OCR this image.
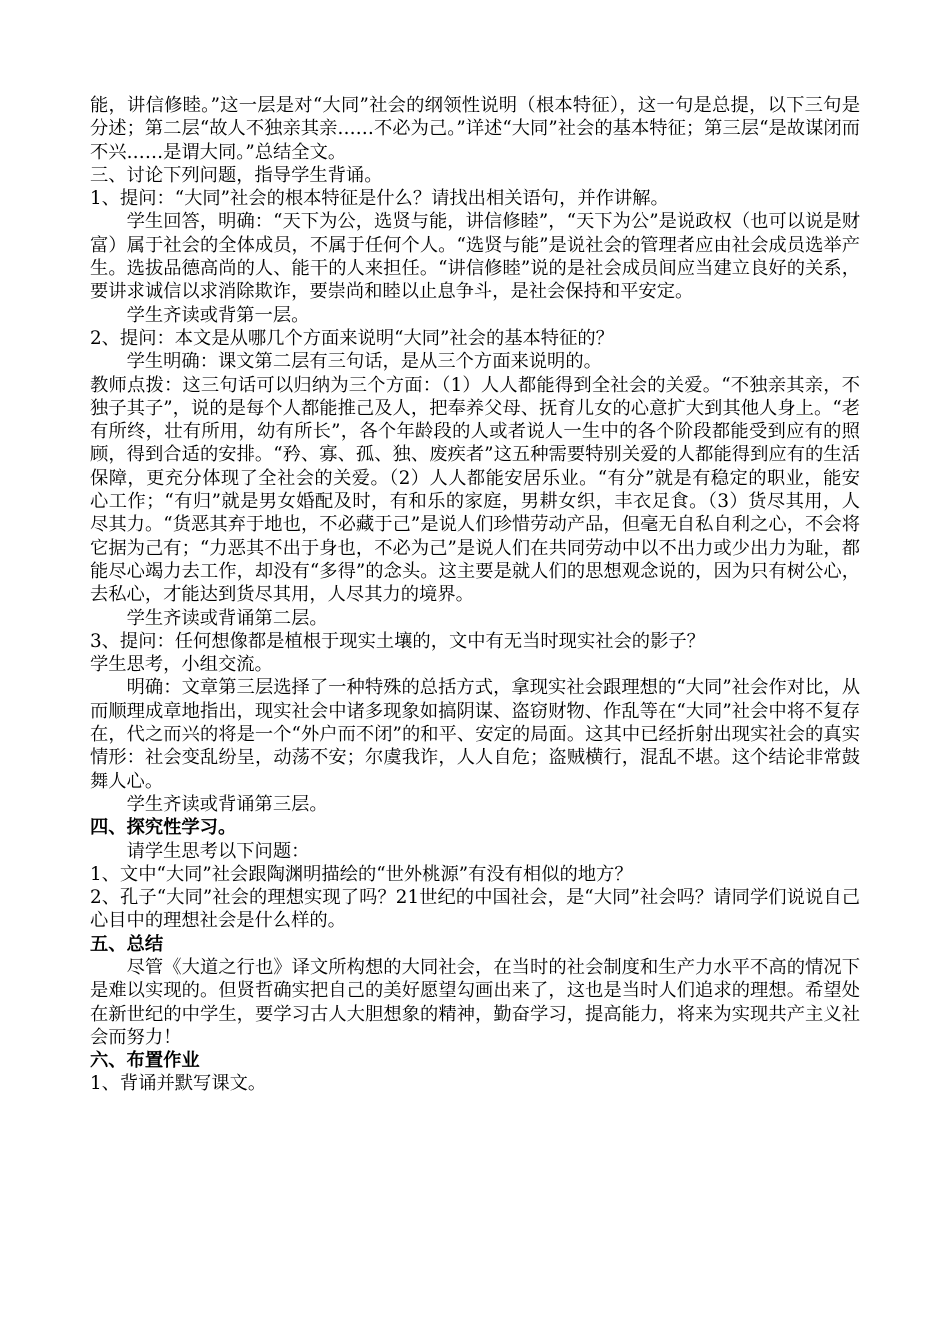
能，讲信修睦。”这一层是对“大同”社会的纲领性说明（根本特征），这一句是总提，以下三句是分述；第二层“故人不独亲其亲……不必为己。”详述“大同”社会的基本特征；第三层“是故谋闭而不兴……是谓大同。”总结全文。

三、讨论下列问题，指导学生背诵。

1、提问：“大同”社会的根本特征是什么？请找出相关语句，并作讲解。

学生回答，明确：“天下为公，选贤与能，讲信修睦”，“天下为公”是说政权（也可以说是财富）属于社会的全体成员，不属于任何个人。“选贤与能”是说社会的管理者应由社会成员选举产生。选拔品德高尚的人、能干的人来担任。“讲信修睦”说的是社会成员间应当建立良好的关系，要讲求诚信以求消除欺诈，要崇尚和睦以止息争斗，是社会保持和平安定。

学生齐读或背第一层。

2、提问：本文是从哪几个方面来说明“大同”社会的基本特征的？

学生明确：课文第二层有三句话，是从三个方面来说明的。

教师点拨：这三句话可以归纳为三个方面：（1）人人都能得到全社会的关爱。“不独亲其亲，不独子其子”，说的是每个人都能推己及人，把奉养父母、抚育儿女的心意扩大到其他人身上。“老有所终，壮有所用，幼有所长”，各个年龄段的人或者说人一生中的各个阶段都能受到应有的照顾，得到合适的安排。“矜、寡、孤、独、废疾者”这五种需要特别关爱的人都能得到应有的生活保障，更充分体现了全社会的关爱。（2）人人都能安居乐业。“有分”就是有稳定的职业，能安心工作；“有归”就是男女婚配及时，有和乐的家庭，男耕女织，丰衣足食。（3）货尽其用，人尽其力。“货恶其弃于地也，不必藏于己”是说人们珍惜劳动产品，但毫无自私自利之心，不会将它据为己有；“力恶其不出于身也，不必为己”是说人们在共同劳动中以不出力或少出力为耻，都能尽心竭力去工作，却没有“多得”的念头。这主要是就人们的思想观念说的，因为只有树公心，去私心，才能达到货尽其用，人尽其力的境界。

学生齐读或背诵第二层。

3、提问：任何想像都是植根于现实土壤的，文中有无当时现实社会的影子？

学生思考，小组交流。

明确：文章第三层选择了一种特殊的总括方式，拿现实社会跟理想的“大同”社会作对比，从而顺理成章地指出，现实社会中诸多现象如搞阴谋、盗窃财物、作乱等在“大同”社会中将不复存在，代之而兴的将是一个“外户而不闭”的和平、安定的局面。这其中已经折射出现实社会的真实情形：社会变乱纷呈，动荡不安；尔虞我诈，人人自危；盗贼横行，混乱不堪。这个结论非常鼓舞人心。

学生齐读或背诵第三层。

四、探究性学习。

请学生思考以下问题：

1、文中“大同”社会跟陶渊明描绘的“世外桃源”有没有相似的地方？

2、孔子“大同”社会的理想实现了吗？21世纪的中国社会，是“大同”社会吗？请同学们说说自己心目中的理想社会是什么样的。

五、总结

尽管《大道之行也》译文所构想的大同社会，在当时的社会制度和生产力水平不高的情况下是难以实现的。但贤哲确实把自己的美好愿望勾画出来了，这也是当时人们追求的理想。希望处在新世纪的中学生，要学习古人大胆想象的精神，勤奋学习，提高能力，将来为实现共产主义社会而努力！

六、布置作业

1、背诵并默写课文。
